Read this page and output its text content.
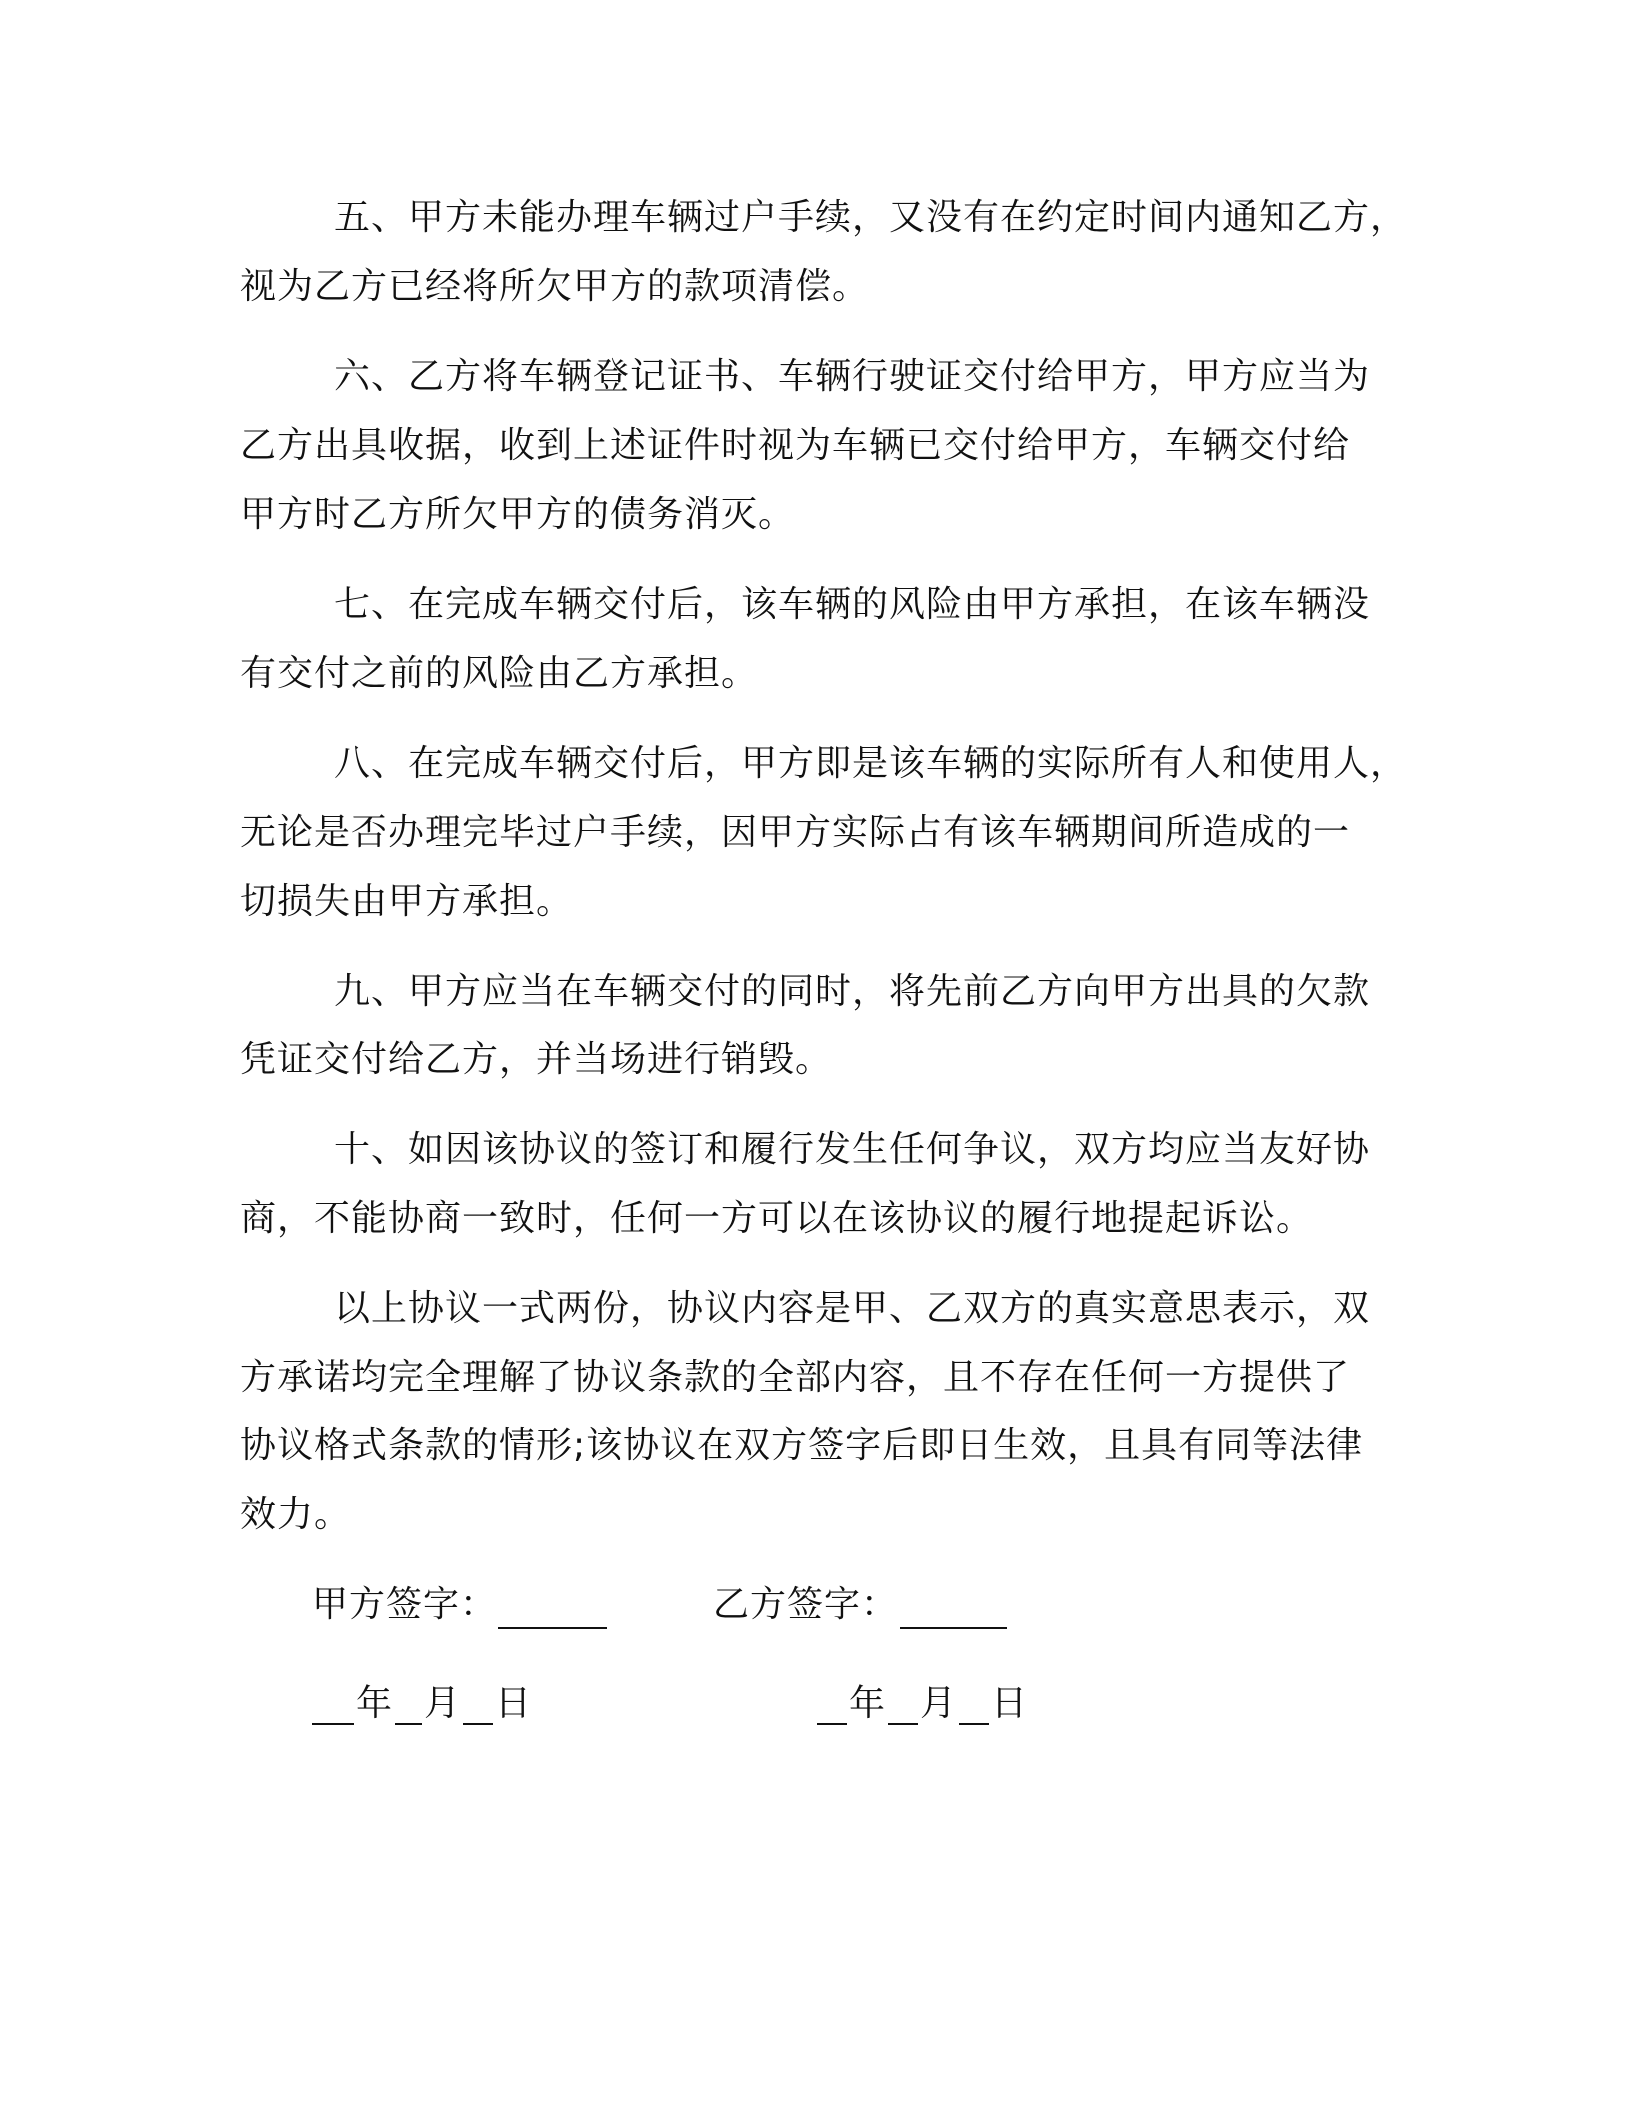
五、甲方未能办理车辆过户手续，又没有在约定时间内通知乙方，
视为乙方已经将所欠甲方的款项清偿。
六、乙方将车辆登记证书、车辆行驶证交付给甲方，甲方应当为
乙方出具收据，收到上述证件时视为车辆已交付给甲方，车辆交付给
甲方时乙方所欠甲方的债务消灭。
七、在完成车辆交付后，该车辆的风险由甲方承担，在该车辆没
有交付之前的风险由乙方承担。
八、在完成车辆交付后，甲方即是该车辆的实际所有人和使用人，
无论是否办理完毕过户手续，因甲方实际占有该车辆期间所造成的一
切损失由甲方承担。
九、甲方应当在车辆交付的同时，将先前乙方向甲方出具的欠款
凭证交付给乙方，并当场进行销毁。
十、如因该协议的签订和履行发生任何争议，双方均应当友好协
商，不能协商一致时，任何一方可以在该协议的履行地提起诉讼。
以上协议一式两份，协议内容是甲、乙双方的真实意思表示，双
方承诺均完全理解了协议条款的全部内容，且不存在任何一方提供了
协议格式条款的情形;该协议在双方签字后即日生效，且具有同等法律
效力。
甲方签字：	乙方签字：
年 月 日	年 月 日
